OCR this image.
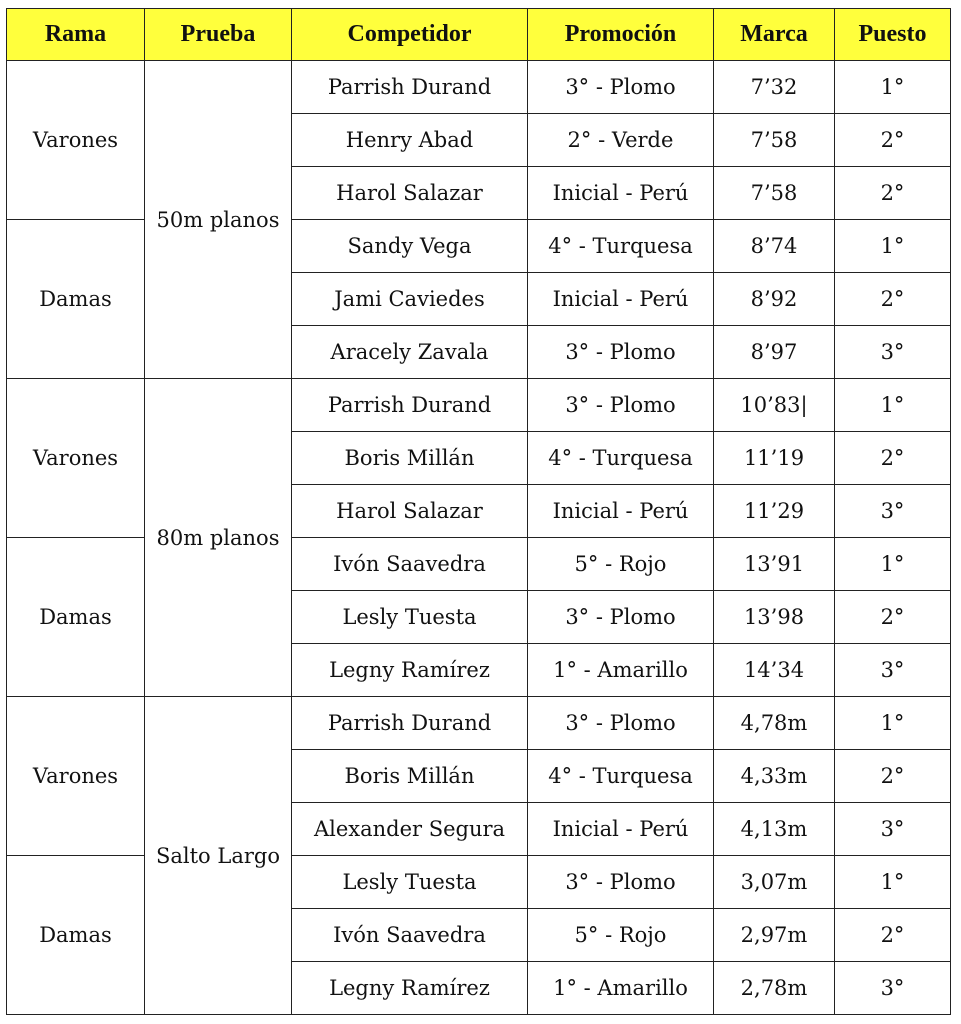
Rama	Prueba	Competidor	Promoción	Marca	Puesto
Varones	50m planos	Parrish Durand	3° - Plomo	7’32	1°
		Henry Abad	2° - Verde	7’58	2°
		Harol Salazar	Inicial - Perú	7’58	2°
Damas		Sandy Vega	4° - Turquesa	8’74	1°
		Jami Caviedes	Inicial - Perú	8’92	2°
		Aracely Zavala	3° - Plomo	8’97	3°
Varones	80m planos	Parrish Durand	3° - Plomo	10’83|	1°
		Boris Millán	4° - Turquesa	11’19	2°
		Harol Salazar	Inicial - Perú	11’29	3°
Damas		Ivón Saavedra	5° - Rojo	13’91	1°
		Lesly Tuesta	3° - Plomo	13’98	2°
		Legny Ramírez	1° - Amarillo	14’34	3°
Varones	Salto Largo	Parrish Durand	3° - Plomo	4,78m	1°
		Boris Millán	4° - Turquesa	4,33m	2°
		Alexander Segura	Inicial - Perú	4,13m	3°
Damas		Lesly Tuesta	3° - Plomo	3,07m	1°
		Ivón Saavedra	5° - Rojo	2,97m	2°
		Legny Ramírez	1° - Amarillo	2,78m	3°
